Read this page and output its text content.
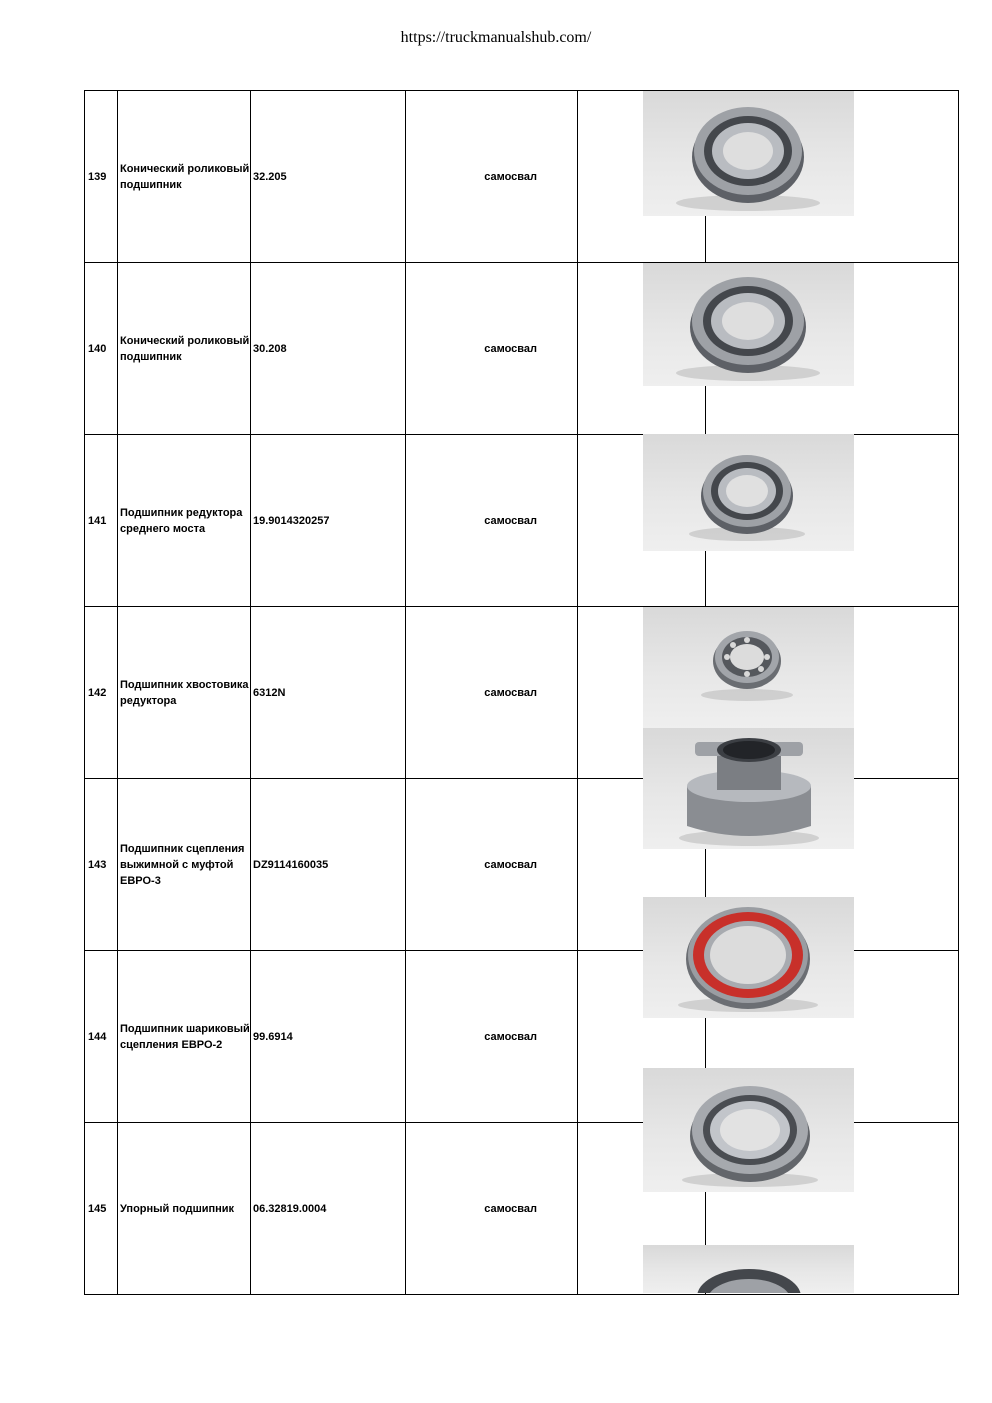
https://truckmanualshub.com/
139	Конический роликовый подшипник	32.205	самосвал		
140	Конический роликовый подшипник	30.208	самосвал		
141	Подшипник редуктора среднего моста	19.9014320257	самосвал		
142	Подшипник хвостовика редуктора	6312N	самосвал		
143	Подшипник сцепления выжимной с муфтой ЕВРО-3	DZ9114160035	самосвал		
144	Подшипник шариковый сцепления ЕВРО-2	99.6914	самосвал		
145	Упорный подшипник	06.32819.0004	самосвал		
